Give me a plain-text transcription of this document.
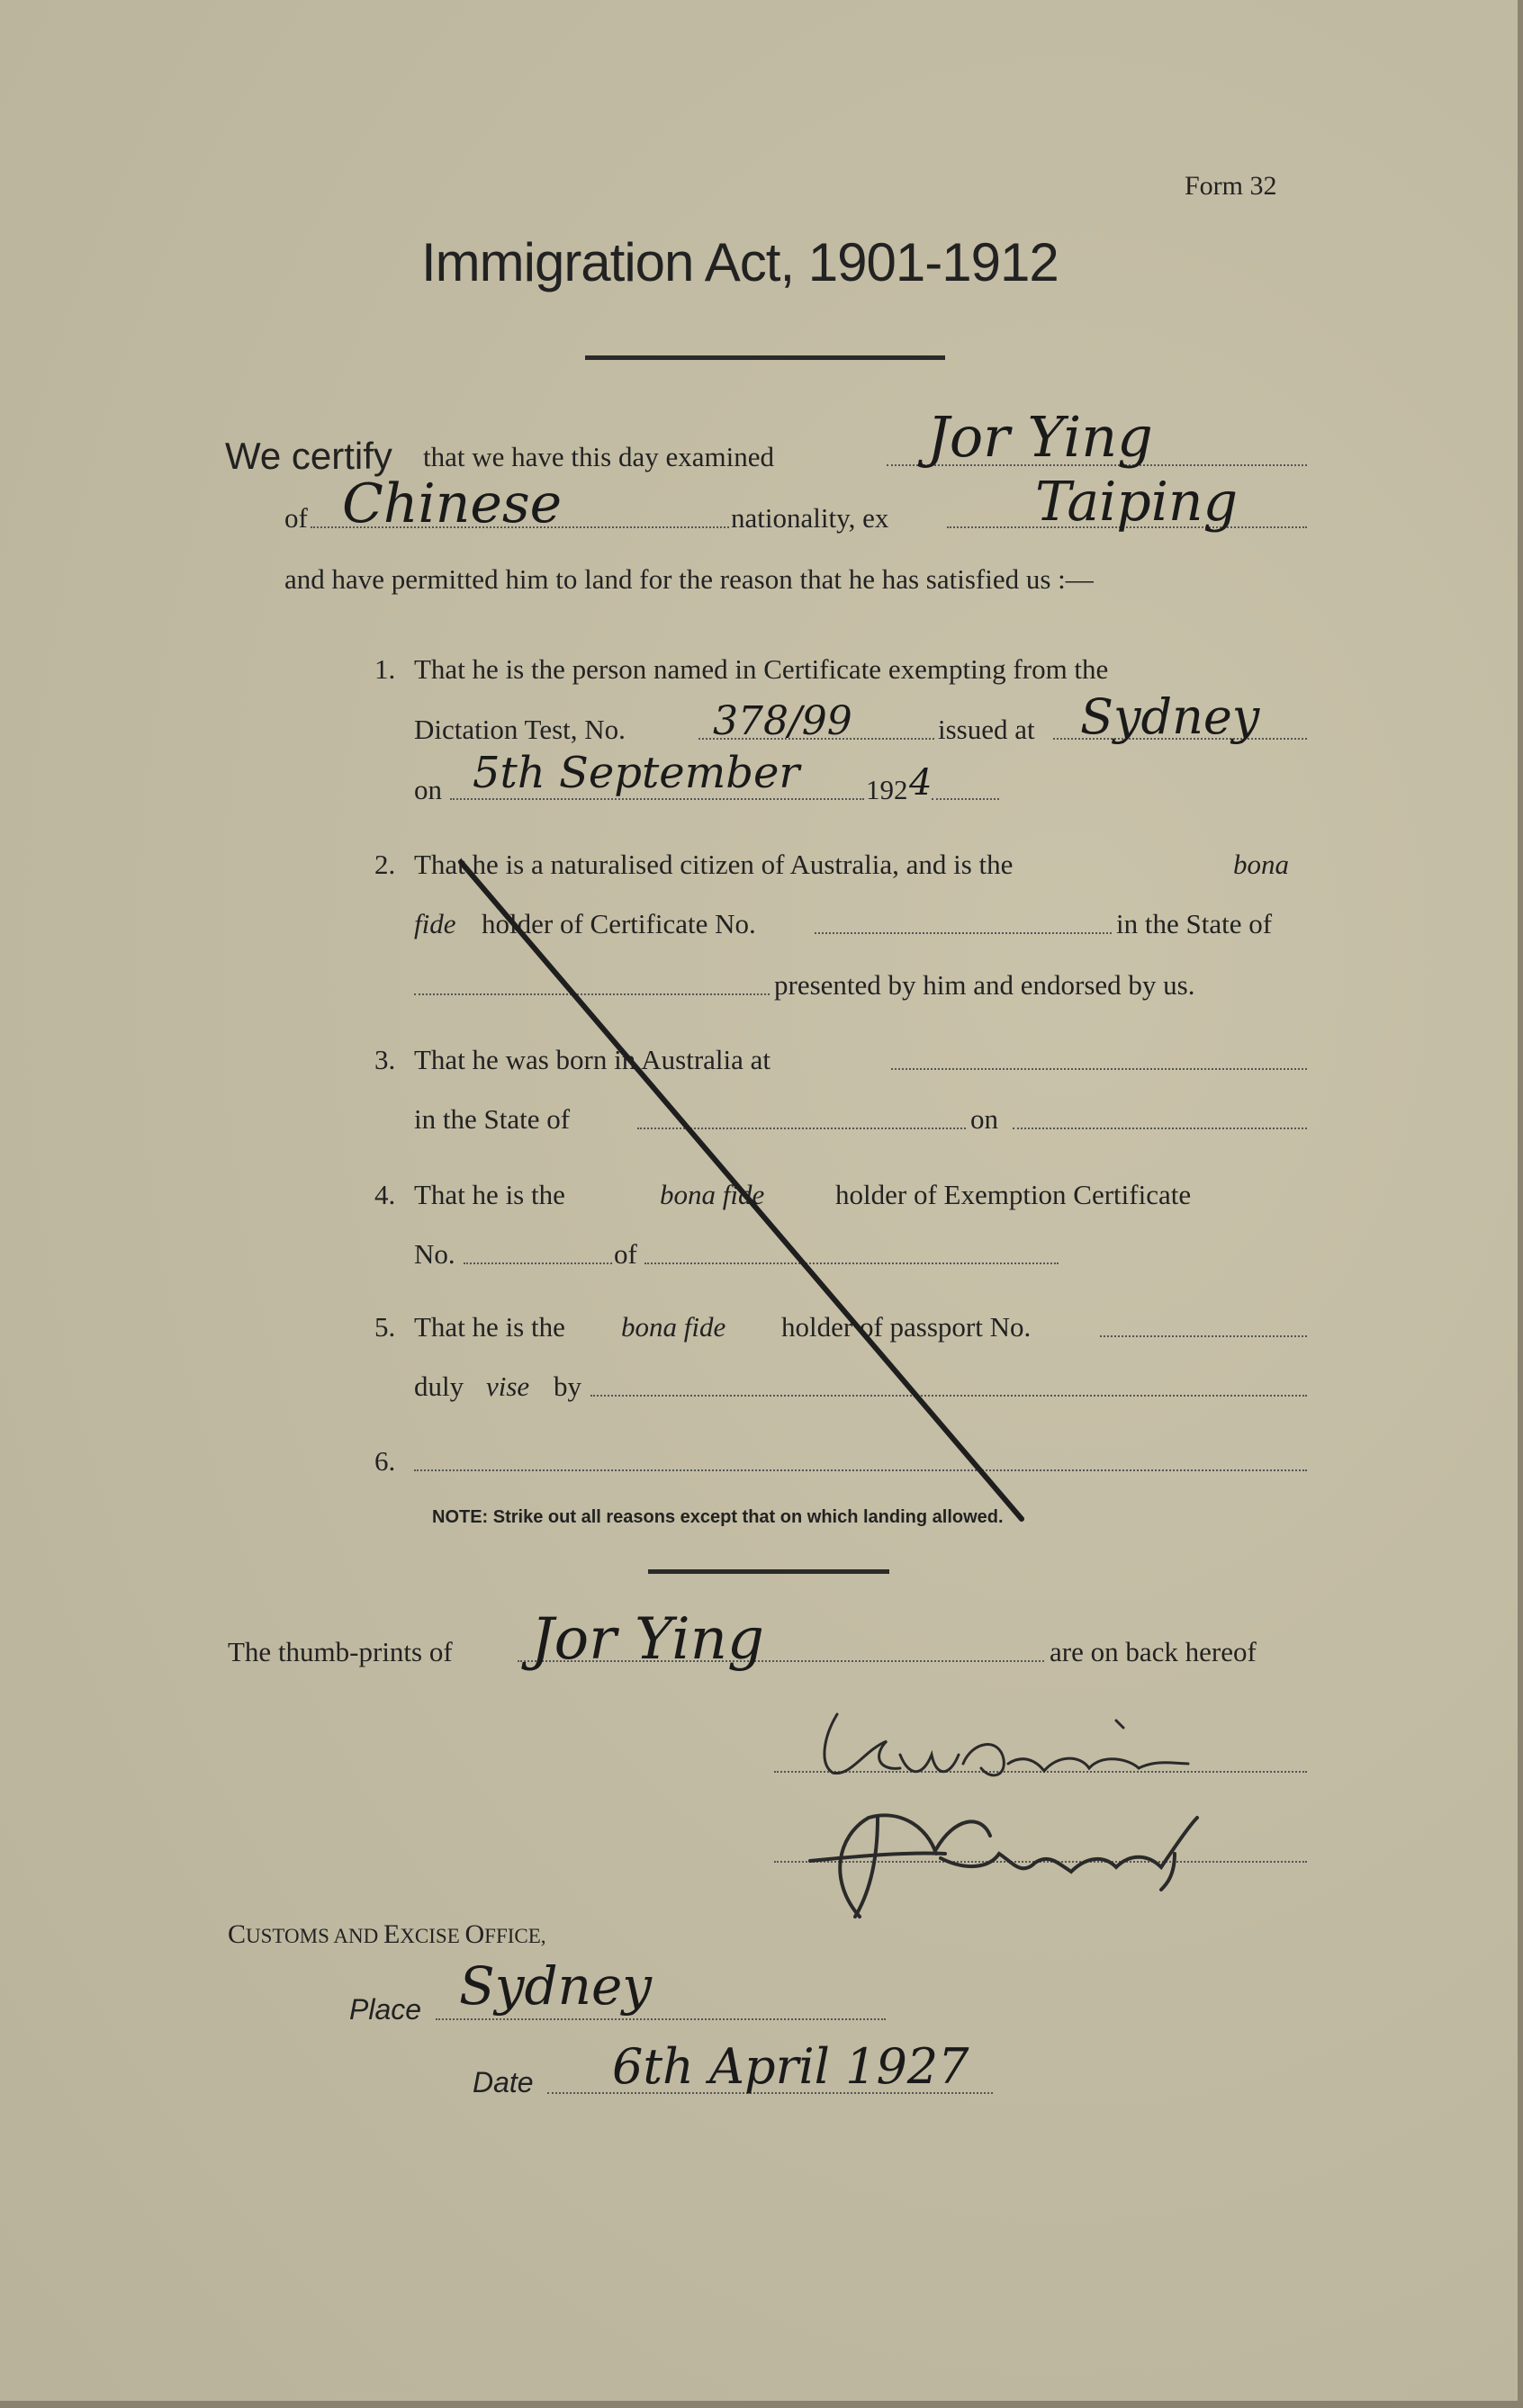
Form 32
Immigration Act, 1901-1912
We certify that we have this day examined	Jor Ying
of Chinese	nationality, ex	Taiping
and have permitted him to land for the reason that he has satisfied us :—
1. That he is the person named in Certificate exempting from the
Dictation Test, No. 378/99	issued at Sydney
on 5th September 192 4
2. That he is a naturalised citizen of Australia, and is the	bona
fide holder of Certificate No.	in the State of
presented by him and endorsed by us.
3. That he was born in Australia at
in the State of	on
4. That he is the	bona fide	holder of Exemption Certificate
No.	of
5. That he is the bona fide holder of passport No.
duly vise by
6.
NOTE: Strike out all reasons except that on which landing allowed.
The thumb-prints of Jor Ying	are on back hereof
CUSTOMS AND EXCISE OFFICE,
Place Sydney
Date 6th April 1927
